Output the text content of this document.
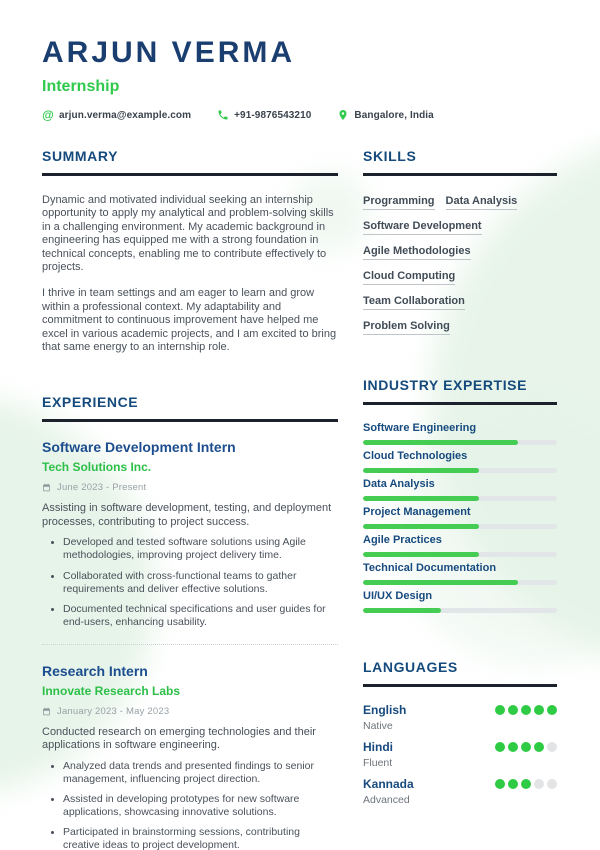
ARJUN VERMA
Internship
@ arjun.verma@example.com	+91-9876543210	Bangalore, India
SUMMARY

Dynamic and motivated individual seeking an internship opportunity to apply my analytical and problem-solving skills in a challenging environment. My academic background in engineering has equipped me with a strong foundation in technical concepts, enabling me to contribute effectively to projects.

I thrive in team settings and am eager to learn and grow within a professional context. My adaptability and commitment to continuous improvement have helped me excel in various academic projects, and I am excited to bring that same energy to an internship role.

EXPERIENCE
Software Development Intern
Tech Solutions Inc.
June 2023 - Present
Assisting in software development, testing, and deployment processes, contributing to project success.
• Developed and tested software solutions using Agile methodologies, improving project delivery time.
• Collaborated with cross-functional teams to gather requirements and deliver effective solutions.
• Documented technical specifications and user guides for end-users, enhancing usability.
Research Intern
Innovate Research Labs
January 2023 - May 2023
Conducted research on emerging technologies and their applications in software engineering.
• Analyzed data trends and presented findings to senior management, influencing project direction.
• Assisted in developing prototypes for new software applications, showcasing innovative solutions.
• Participated in brainstorming sessions, contributing creative ideas to project development.
SKILLS
Programming Data Analysis
Software Development
Agile Methodologies
Cloud Computing
Team Collaboration
Problem Solving
INDUSTRY EXPERTISE
Software Engineering
Cloud Technologies
Data Analysis
Project Management
Agile Practices
Technical Documentation
UI/UX Design
LANGUAGES
English
Native
Hindi
Fluent
Kannada
Advanced
